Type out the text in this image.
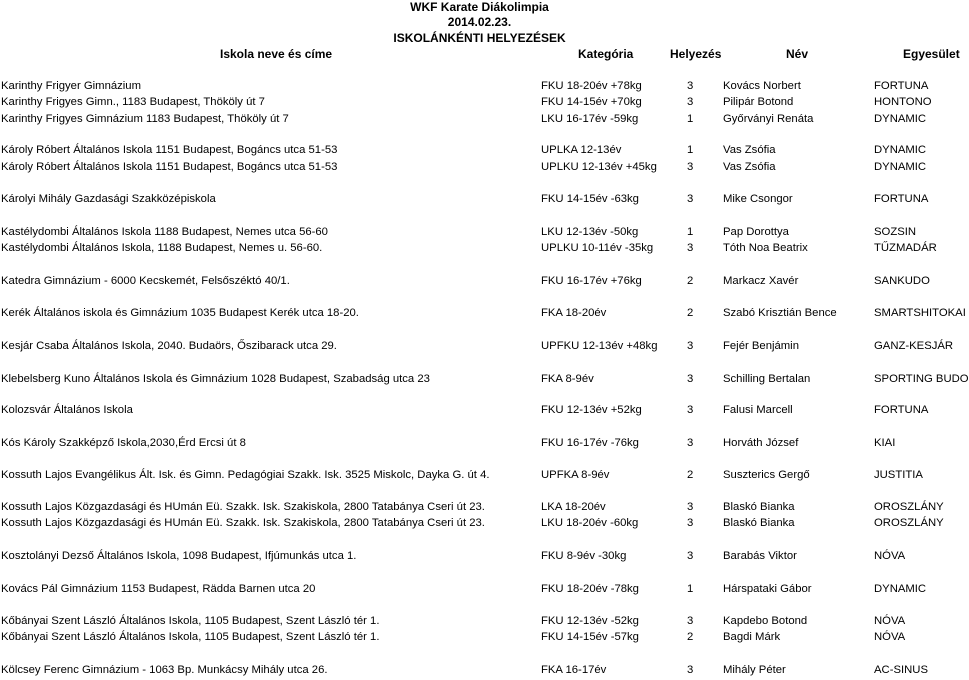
WKF Karate Diákolimpia
2014.02.23.
ISKOLÁNKÉNTI HELYEZÉSEK
Iskola neve és címe	Kategória	Helyezés	Név	Egyesület
Karinthy Frigyer Gimnázium	FKU 18-20év +78kg	3	Kovács Norbert	FORTUNA
Karinthy Frigyes Gimn., 1183 Budapest, Thököly út 7	FKU 14-15év +70kg	3	Pilipár Botond	HONTONO
Karinthy Frigyes Gimnázium 1183 Budapest, Thököly út 7	LKU 16-17év -59kg	1	Győrványi Renáta	DYNAMIC
Károly Róbert Általános Iskola 1151 Budapest, Bogáncs utca 51-53	UPLKA 12-13év	1	Vas Zsófia	DYNAMIC
Károly Róbert Általános Iskola 1151 Budapest, Bogáncs utca 51-53	UPLKU 12-13év +45kg	3	Vas Zsófia	DYNAMIC
Károlyi Mihály Gazdasági Szakközépiskola	FKU 14-15év -63kg	3	Mike Csongor	FORTUNA
Kastélydombi Általános Iskola 1188 Budapest, Nemes utca 56-60	LKU 12-13év -50kg	1	Pap Dorottya	SOZSIN
Kastélydombi Általános Iskola, 1188 Budapest, Nemes u. 56-60.	UPLKU 10-11év -35kg	3	Tóth Noa Beatrix	TŰZMADÁR
Katedra Gimnázium - 6000 Kecskemét, Felsőszéktó 40/1.	FKU 16-17év +76kg	2	Markacz Xavér	SANKUDO
Kerék Általános iskola és Gimnázium 1035 Budapest Kerék utca 18-20.	FKA 18-20év	2	Szabó Krisztián Bence	SMARTSHITOKAI
Kesjár Csaba Általános Iskola, 2040. Budaörs, Őszibarack utca 29.	UPFKU 12-13év +48kg	3	Fejér Benjámin	GANZ-KESJÁR
Klebelsberg Kuno Általános Iskola és Gimnázium 1028 Budapest, Szabadság utca 23	FKA 8-9év	3	Schilling Bertalan	SPORTING BUDO
Kolozsvár Általános Iskola	FKU 12-13év +52kg	3	Falusi Marcell	FORTUNA
Kós Károly Szakképző Iskola,2030,Érd Ercsi út 8	FKU 16-17év -76kg	3	Horváth József	KIAI
Kossuth Lajos Evangélikus Ált. Isk. és Gimn. Pedagógiai Szakk. Isk. 3525 Miskolc, Dayka G. út 4.	UPFKA 8-9év	2	Suszterics Gergő	JUSTITIA
Kossuth Lajos Közgazdasági és HUmán Eü. Szakk. Isk. Szakiskola, 2800 Tatabánya Cseri út 23.	LKA 18-20év	3	Blaskó Bianka	OROSZLÁNY
Kossuth Lajos Közgazdasági és HUmán Eü. Szakk. Isk. Szakiskola, 2800 Tatabánya Cseri út 23.	LKU 18-20év -60kg	3	Blaskó Bianka	OROSZLÁNY
Kosztolányi Dezső Általános Iskola, 1098 Budapest, Ifjúmunkás utca 1.	FKU 8-9év -30kg	3	Barabás Viktor	NÓVA
Kovács Pál Gimnázium 1153 Budapest, Rädda Barnen utca 20	FKU 18-20év -78kg	1	Hárspataki Gábor	DYNAMIC
Kőbányai Szent László Általános Iskola, 1105 Budapest, Szent László tér 1.	FKU 12-13év -52kg	3	Kapdebo Botond	NÓVA
Kőbányai Szent László Általános Iskola, 1105 Budapest, Szent László tér 1.	FKU 14-15év -57kg	2	Bagdi Márk	NÓVA
Kölcsey Ferenc Gimnázium - 1063 Bp. Munkácsy Mihály utca 26.	FKA 16-17év	3	Mihály Péter	AC-SINUS
